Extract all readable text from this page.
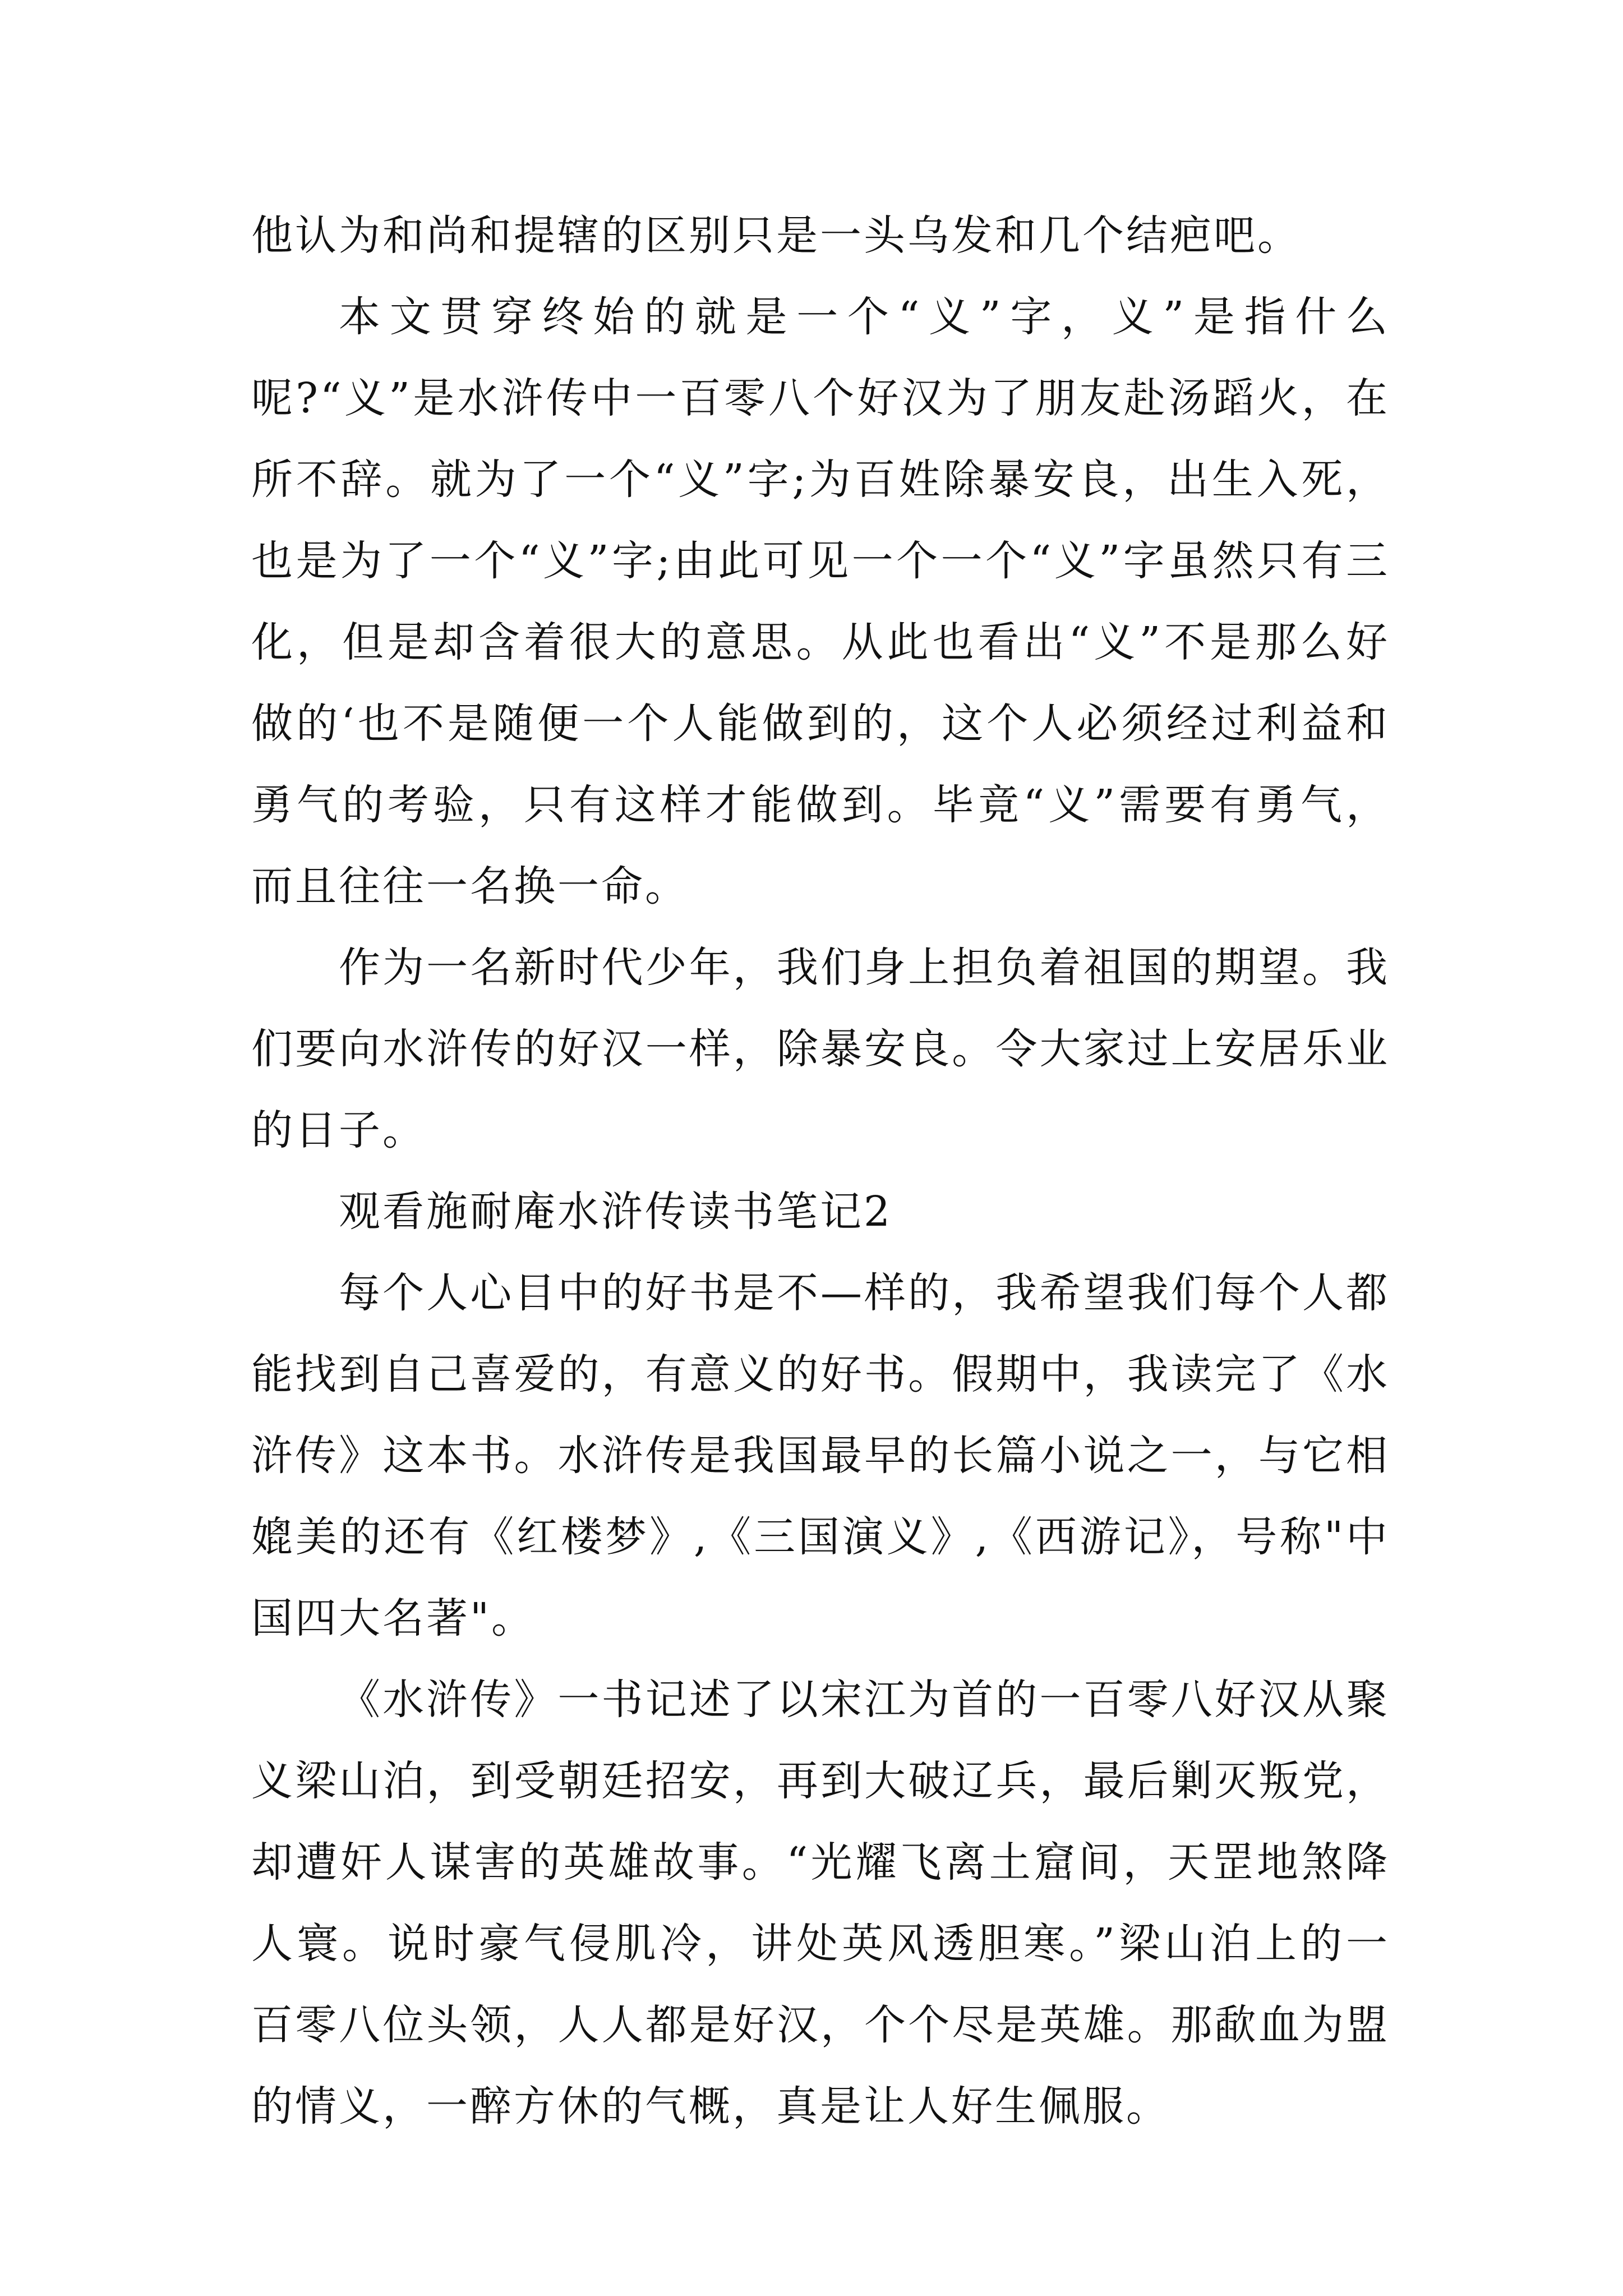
他认为和尚和提辖的区别只是一头乌发和几个结疤吧。

本文贯穿终始的就是一个“义”字，义”是指什么呢?“义”是水浒传中一百零八个好汉为了朋友赴汤蹈火，在所不辞。就为了一个“义”字;为百姓除暴安良，出生入死，也是为了一个“义”字;由此可见一个一个“义”字虽然只有三化，但是却含着很大的意思。从此也看出“义”不是那么好做的‘也不是随便一个人能做到的，这个人必须经过利益和勇气的考验，只有这样才能做到。毕竟“义”需要有勇气，而且往往一名换一命。

作为一名新时代少年，我们身上担负着祖国的期望。我们要向水浒传的好汉一样，除暴安良。令大家过上安居乐业的日子。

观看施耐庵水浒传读书笔记2

每个人心目中的好书是不—样的，我希望我们每个人都能找到自己喜爱的，有意义的好书。假期中，我读完了《水浒传》这本书。水浒传是我国最早的长篇小说之一，与它相媲美的还有《红楼梦》,《三国演义》,《西游记》，号称"中国四大名著"。

《水浒传》一书记述了以宋江为首的一百零八好汉从聚义梁山泊，到受朝廷招安，再到大破辽兵，最后剿灭叛党，却遭奸人谋害的英雄故事。“光耀飞离土窟间，天罡地煞降人寰。说时豪气侵肌冷，讲处英风透胆寒。”梁山泊上的一百零八位头领，人人都是好汉，个个尽是英雄。那歃血为盟的情义，一醉方休的气概，真是让人好生佩服。
